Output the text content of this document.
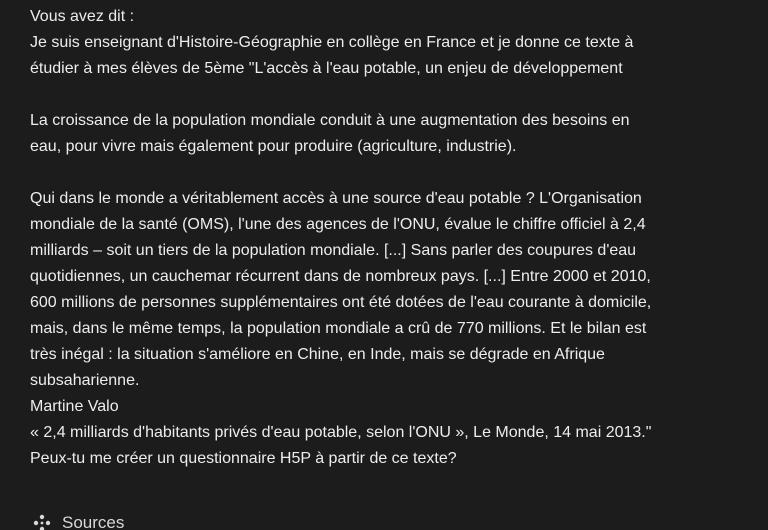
Vous avez dit :

Je suis enseignant d'Histoire-Géographie en collège en France et je donne ce texte à

étudier à mes élèves de 5ème "L'accès à l'eau potable, un enjeu de développement

La croissance de la population mondiale conduit à une augmentation des besoins en

eau, pour vivre mais également pour produire (agriculture, industrie).

Qui dans le monde a véritablement accès à une source d'eau potable ? L'Organisation

mondiale de la santé (OMS), l'une des agences de l'ONU, évalue le chiffre officiel à 2,4

milliards – soit un tiers de la population mondiale. [...] Sans parler des coupures d'eau

quotidiennes, un cauchemar récurrent dans de nombreux pays. [...] Entre 2000 et 2010,

600 millions de personnes supplémentaires ont été dotées de l'eau courante à domicile,

mais, dans le même temps, la population mondiale a crû de 770 millions. Et le bilan est

très inégal : la situation s'améliore en Chine, en Inde, mais se dégrade en Afrique

subsaharienne.

Martine Valo

« 2,4 milliards d'habitants privés d'eau potable, selon l'ONU », Le Monde, 14 mai 2013."

Peux-tu me créer un questionnaire H5P à partir de ce texte?

Sources
